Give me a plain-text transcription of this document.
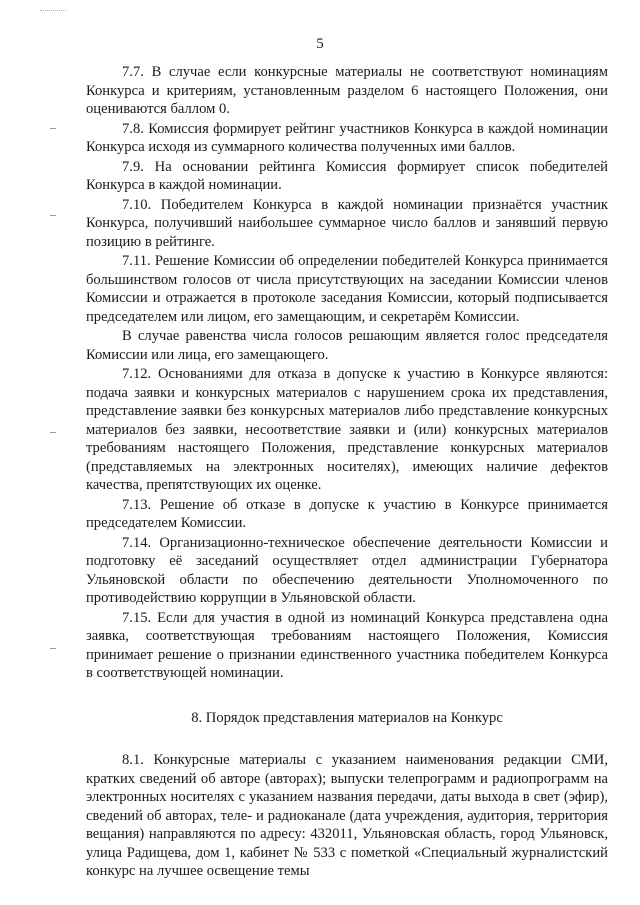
5

7.7. В случае если конкурсные материалы не соответствуют номинациям Конкурса и критериям, установленным разделом 6 настоящего Положения, они оцениваются баллом 0.

7.8. Комиссия формирует рейтинг участников Конкурса в каждой номинации Конкурса исходя из суммарного количества полученных ими баллов.

7.9. На основании рейтинга Комиссия формирует список победителей Конкурса в каждой номинации.

7.10. Победителем Конкурса в каждой номинации признаётся участник Конкурса, получивший наибольшее суммарное число баллов и занявший первую позицию в рейтинге.

7.11. Решение Комиссии об определении победителей Конкурса принимается большинством голосов от числа присутствующих на заседании Комиссии членов Комиссии и отражается в протоколе заседания Комиссии, который подписывается председателем или лицом, его замещающим, и секретарём Комиссии.

В случае равенства числа голосов решающим является голос председателя Комиссии или лица, его замещающего.

7.12. Основаниями для отказа в допуске к участию в Конкурсе являются: подача заявки и конкурсных материалов с нарушением срока их представления, представление заявки без конкурсных материалов либо представление конкурсных материалов без заявки, несоответствие заявки и (или) конкурсных материалов требованиям настоящего Положения, представление конкурсных материалов (представляемых на электронных носителях), имеющих наличие дефектов качества, препятствующих их оценке.

7.13. Решение об отказе в допуске к участию в Конкурсе принимается председателем Комиссии.

7.14. Организационно-техническое обеспечение деятельности Комиссии и подготовку её заседаний осуществляет отдел администрации Губернатора Ульяновской области по обеспечению деятельности Уполномоченного по противодействию коррупции в Ульяновской области.

7.15. Если для участия в одной из номинаций Конкурса представлена одна заявка, соответствующая требованиям настоящего Положения, Комиссия принимает решение о признании единственного участника победителем Конкурса в соответствующей номинации.

8. Порядок представления материалов на Конкурс

8.1. Конкурсные материалы с указанием наименования редакции СМИ, кратких сведений об авторе (авторах); выпуски телепрограмм и радиопрограмм на электронных носителях с указанием названия передачи, даты выхода в свет (эфир), сведений об авторах, теле- и радиоканале (дата учреждения, аудитория, территория вещания) направляются по адресу: 432011, Ульяновская область, город Ульяновск, улица Радищева, дом 1, кабинет № 533 с пометкой «Специальный журналистский конкурс на лучшее освещение темы
